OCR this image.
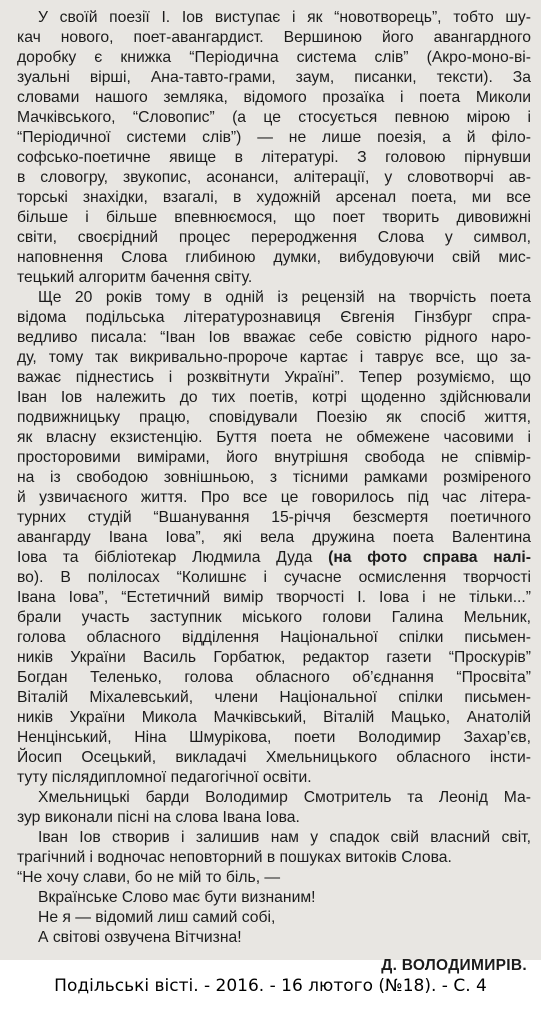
У своїй поезії І. Іов виступає і як “новотворець”, тобто шу-
кач нового, поет-авангардист. Вершиною його авангардного
доробку є книжка “Періодична система слів” (Акро-моно-ві-
зуальні вірші, Ана-тавто-грами, заум, писанки, тексти). За
словами нашого земляка, відомого прозаїка і поета Миколи
Мачківського, “Словопис” (а це стосується певною мірою і
“Періодичної системи слів”) — не лише поезія, а й філо-
софсько-поетичне явище в літературі. З головою пірнувши
в словогру, звукопис, асонанси, алітерації, у словотворчі ав-
торські знахідки, взагалі, в художній арсенал поета, ми все
більше і більше впевнюємося, що поет творить дивовижні
світи, своєрідний процес переродження Слова у символ,
наповнення Слова глибиною думки, вибудовуючи свій мис-
тецький алгоритм бачення світу.

Ще 20 років тому в одній із рецензій на творчість поета
відома подільська літературознавиця Євгенія Гінзбург спра-
ведливо писала: “Іван Іов вважає себе совістю рідного наро-
ду, тому так викривально-пророче картає і таврує все, що за-
важає піднестись і розквітнути Україні”. Тепер розуміємо, що
Іван Іов належить до тих поетів, котрі щоденно здійснювали
подвижницьку працю, сповідували Поезію як спосіб життя,
як власну екзистенцію. Буття поета не обмежене часовими і
просторовими вимірами, його внутрішня свобода не співмір-
на із свободою зовнішньою, з тісними рамками розміреного
й узвичаєного життя. Про все це говорилось під час літера-
турних студій “Вшанування 15-річчя безсмертя поетичного
авангарду Івана Іова”, які вела дружина поета Валентина
Іова та бібліотекар Людмила Дуда (на фото справа налі-
во). В полілосах “Колишнє і сучасне осмислення творчості
Івана Іова”, “Естетичний вимір творчості І. Іова і не тільки...”
брали участь заступник міського голови Галина Мельник,
голова обласного відділення Національної спілки письмен-
ників України Василь Горбатюк, редактор газети “Проскурів”
Богдан Теленько, голова обласного об’єднання “Просвіта”
Віталій Міхалевський, члени Національної спілки письмен-
ників України Микола Мачківський, Віталій Мацько, Анатолій
Ненцінський, Ніна Шмурікова, поети Володимир Захар’єв,
Йосип Осецький, викладачі Хмельницького обласного інсти-
туту післядипломної педагогічної освіти.

Хмельницькі барди Володимир Смотритель та Леонід Ма-
зур виконали пісні на слова Івана Іова.

Іван Іов створив і залишив нам у спадок свій власний світ,
трагічний і водночас неповторний в пошуках витоків Слова.

“Не хочу слави, бо не мій то біль, —
Вкраїнське Слово має бути визнаним!
Не я — відомий лиш самий собі,
А світові озвучена Вітчизна!
Д. ВОЛОДИМИРІВ.
Подільські вісті. - 2016. - 16 лютого (№18). - С. 4
